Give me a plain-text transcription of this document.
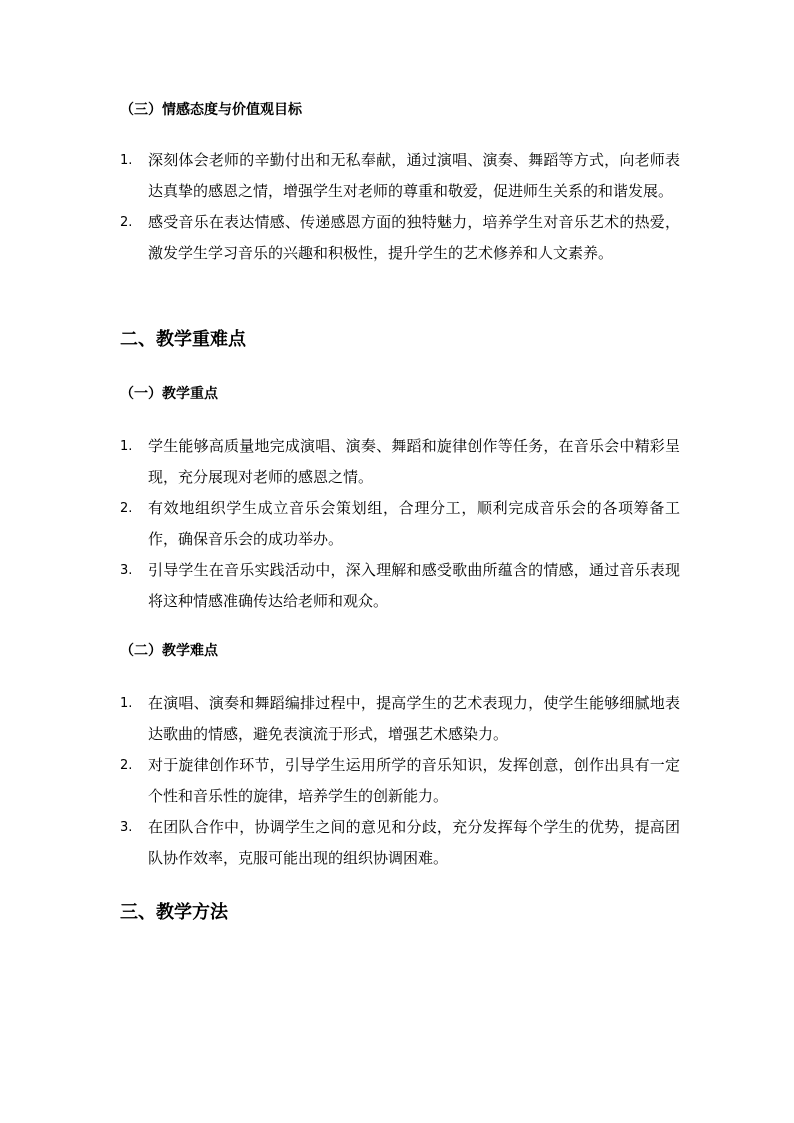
（三）情感态度与价值观目标
1. 深刻体会老师的辛勤付出和无私奉献，通过演唱、演奏、舞蹈等方式，向老师表达真挚的感恩之情，增强学生对老师的尊重和敬爱，促进师生关系的和谐发展。
2. 感受音乐在表达情感、传递感恩方面的独特魅力，培养学生对音乐艺术的热爱，激发学生学习音乐的兴趣和积极性，提升学生的艺术修养和人文素养。
二、教学重难点
（一）教学重点
1. 学生能够高质量地完成演唱、演奏、舞蹈和旋律创作等任务，在音乐会中精彩呈现，充分展现对老师的感恩之情。
2. 有效地组织学生成立音乐会策划组，合理分工，顺利完成音乐会的各项筹备工作，确保音乐会的成功举办。
3. 引导学生在音乐实践活动中，深入理解和感受歌曲所蕴含的情感，通过音乐表现将这种情感准确传达给老师和观众。
（二）教学难点
1. 在演唱、演奏和舞蹈编排过程中，提高学生的艺术表现力，使学生能够细腻地表达歌曲的情感，避免表演流于形式，增强艺术感染力。
2. 对于旋律创作环节，引导学生运用所学的音乐知识，发挥创意，创作出具有一定个性和音乐性的旋律，培养学生的创新能力。
3. 在团队合作中，协调学生之间的意见和分歧，充分发挥每个学生的优势，提高团队协作效率，克服可能出现的组织协调困难。
三、教学方法
